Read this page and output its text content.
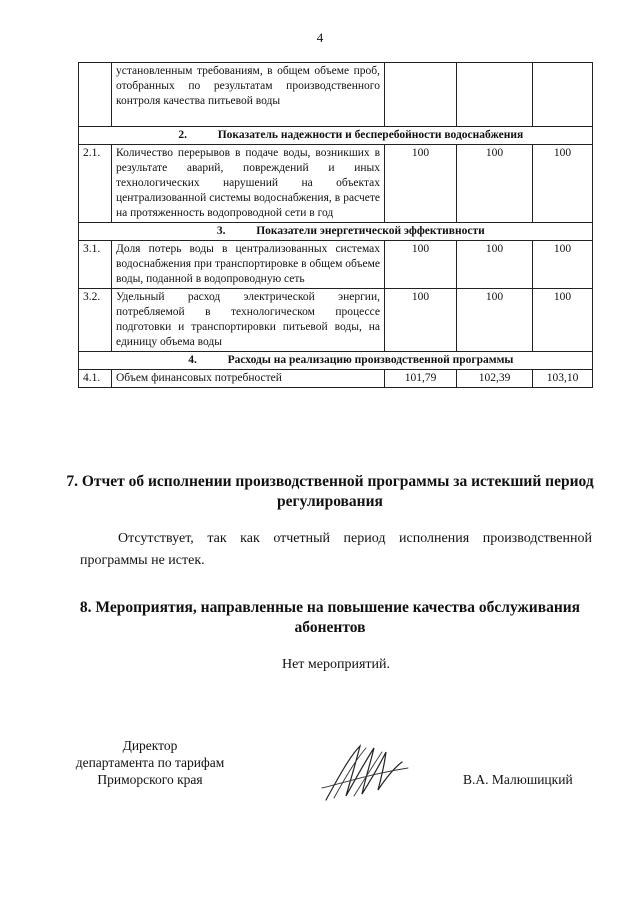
4
	установленным требованиям, в общем объеме проб, отобранных по результатам производственного контроля качества питьевой воды			
2. Показатель надежности и бесперебойности водоснабжения				
2.1.	Количество перерывов в подаче воды, возникших в результате аварий, повреждений и иных технологических нарушений на объектах централизованной системы водоснабжения, в расчете на протяженность водопроводной сети в год	100	100	100
3. Показатели энергетической эффективности				
3.1.	Доля потерь воды в централизованных системах водоснабжения при транспортировке в общем объеме воды, поданной в водопроводную сеть	100	100	100
3.2.	Удельный расход электрической энергии, потребляемой в технологическом процессе подготовки и транспортировки питьевой воды, на единицу объема воды	100	100	100
4. Расходы на реализацию производственной программы				
4.1.	Объем финансовых потребностей	101,79	102,39	103,10
7. Отчет об исполнении производственной программы за истекший период регулирования
Отсутствует, так как отчетный период исполнения производственной программы не истек.
8. Мероприятия, направленные на повышение качества обслуживания абонентов
Нет мероприятий.
Директор
департамента по тарифам
Приморского края	В.А. Малюшицкий
